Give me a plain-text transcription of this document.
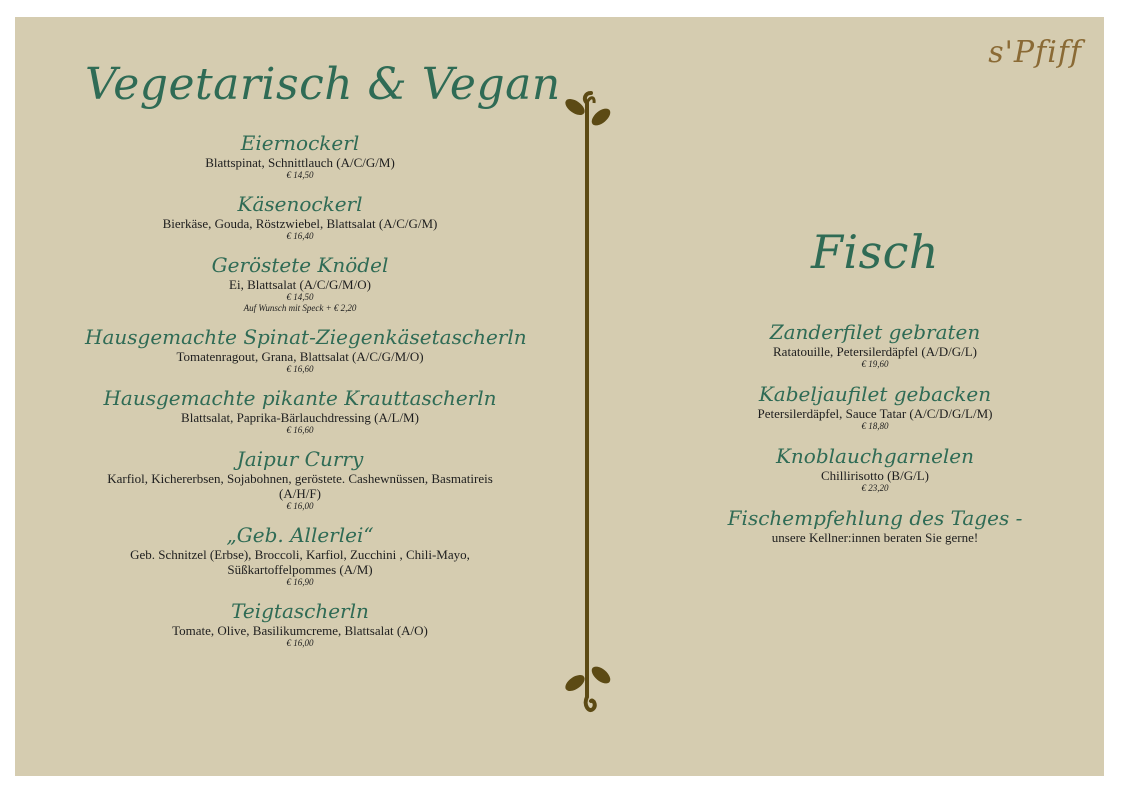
s'Pfiff
Vegetarisch & Vegan
Eiernockerl
Blattspinat, Schnittlauch (A/C/G/M)
€ 14,50
Käsenockerl
Bierkäse, Gouda, Röstzwiebel, Blattsalat (A/C/G/M)
€ 16,40
Geröstete Knödel
Ei, Blattsalat (A/C/G/M/O)
€ 14,50
Auf Wunsch mit Speck + € 2,20
Hausgemachte Spinat-Ziegenkäsetascherln
Tomatenragout, Grana, Blattsalat (A/C/G/M/O)
€ 16,60
Hausgemachte pikante Krauttascherln
Blattsalat, Paprika-Bärlauchdressing (A/L/M)
€ 16,60
Jaipur Curry
Karfiol, Kichererbsen, Sojabohnen, geröstete. Cashewnüssen, Basmatireis (A/H/F)
€ 16,00
„Geb. Allerlei“
Geb. Schnitzel (Erbse), Broccoli, Karfiol, Zucchini , Chili-Mayo, Süßkartoffelpommes (A/M)
€ 16,90
Teigtascherln
Tomate, Olive, Basilikumcreme, Blattsalat (A/O)
€ 16,00
Fisch
Zanderfilet gebraten
Ratatouille, Petersilerdäpfel (A/D/G/L)
€ 19,60
Kabeljaufilet gebacken
Petersilerdäpfel, Sauce Tatar (A/C/D/G/L/M)
€ 18,80
Knoblauchgarnelen
Chillirisotto (B/G/L)
€ 23,20
Fischempfehlung des Tages -
unsere Kellner:innen beraten Sie gerne!
